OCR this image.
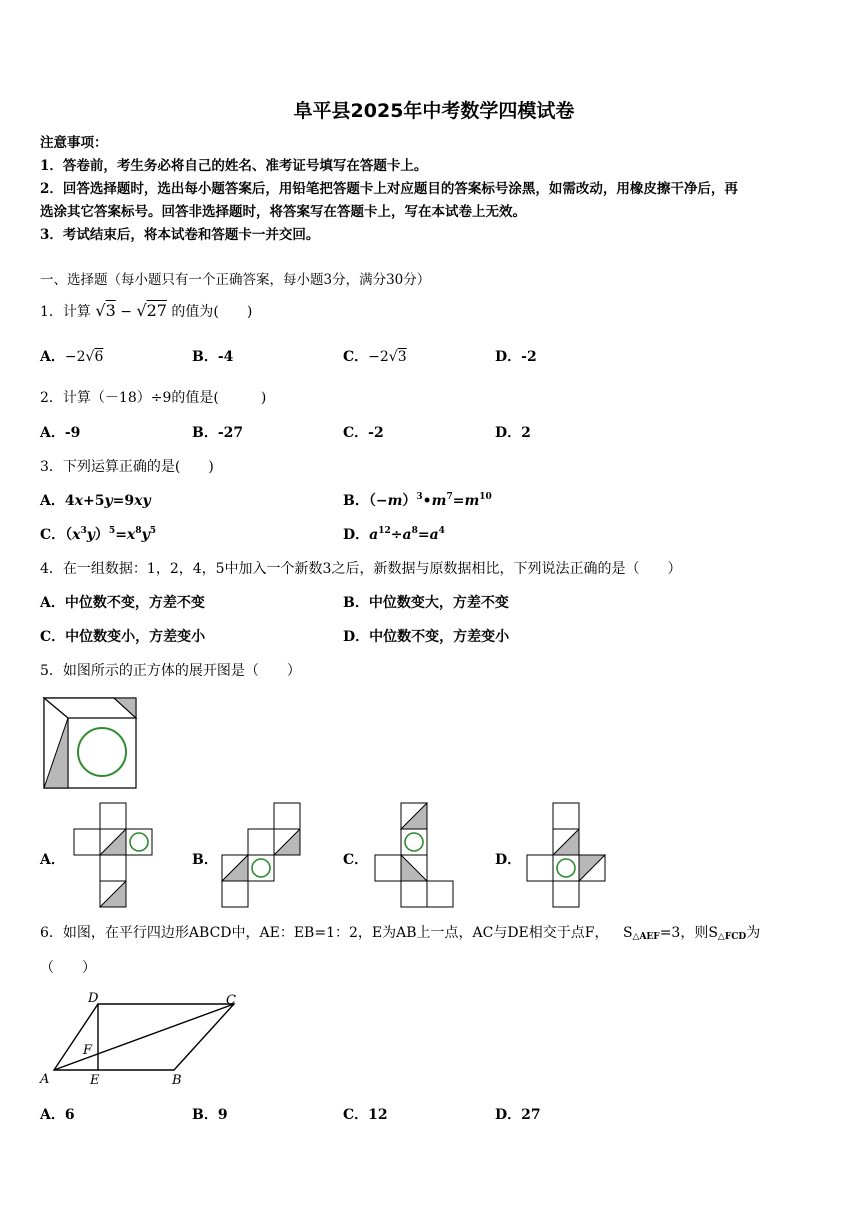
阜平县2025年中考数学四模试卷
注意事项：
1．答卷前，考生务必将自己的姓名、准考证号填写在答题卡上。
2．回答选择题时，选出每小题答案后，用铅笔把答题卡上对应题目的答案标号涂黑，如需改动，用橡皮擦干净后，再
选涂其它答案标号。回答非选择题时，将答案写在答题卡上，写在本试卷上无效。
3．考试结束后，将本试卷和答题卡一并交回。
一、选择题（每小题只有一个正确答案，每小题3分，满分30分）
1．计算 √3 − √27 的值为(　　)
A．−2√6	B．-4	C．−2√3	D．-2
2．计算（－18）÷9的值是(　　　)
A．-9	B．-27	C．-2	D．2
3．下列运算正确的是(　　)
A．4x+5y=9xy	B．$(-m)^3•m^7=m^{10}$
C．$(x^3y)^5=x^8y^5$	D．$a^{12}\div a^8=a^4$
4．在一组数据：1，2，4，5中加入一个新数3之后，新数据与原数据相比，下列说法正确的是（　　）
A．中位数不变，方差不变	B．中位数变大，方差不变
C．中位数变小，方差变小	D．中位数不变，方差变小
5．如图所示的正方体的展开图是（　　）
A．	B．	C．	D．
6．如图，在平行四边形ABCD中，AE：EB=1：2，E为AB上一点，AC与DE相交于点F， $S_{\triangle AEF}=3$，则$S_{\triangle FCD}$为
（　　）
A	E	B
D	C
F
A．6	B．9	C．12	D．27
